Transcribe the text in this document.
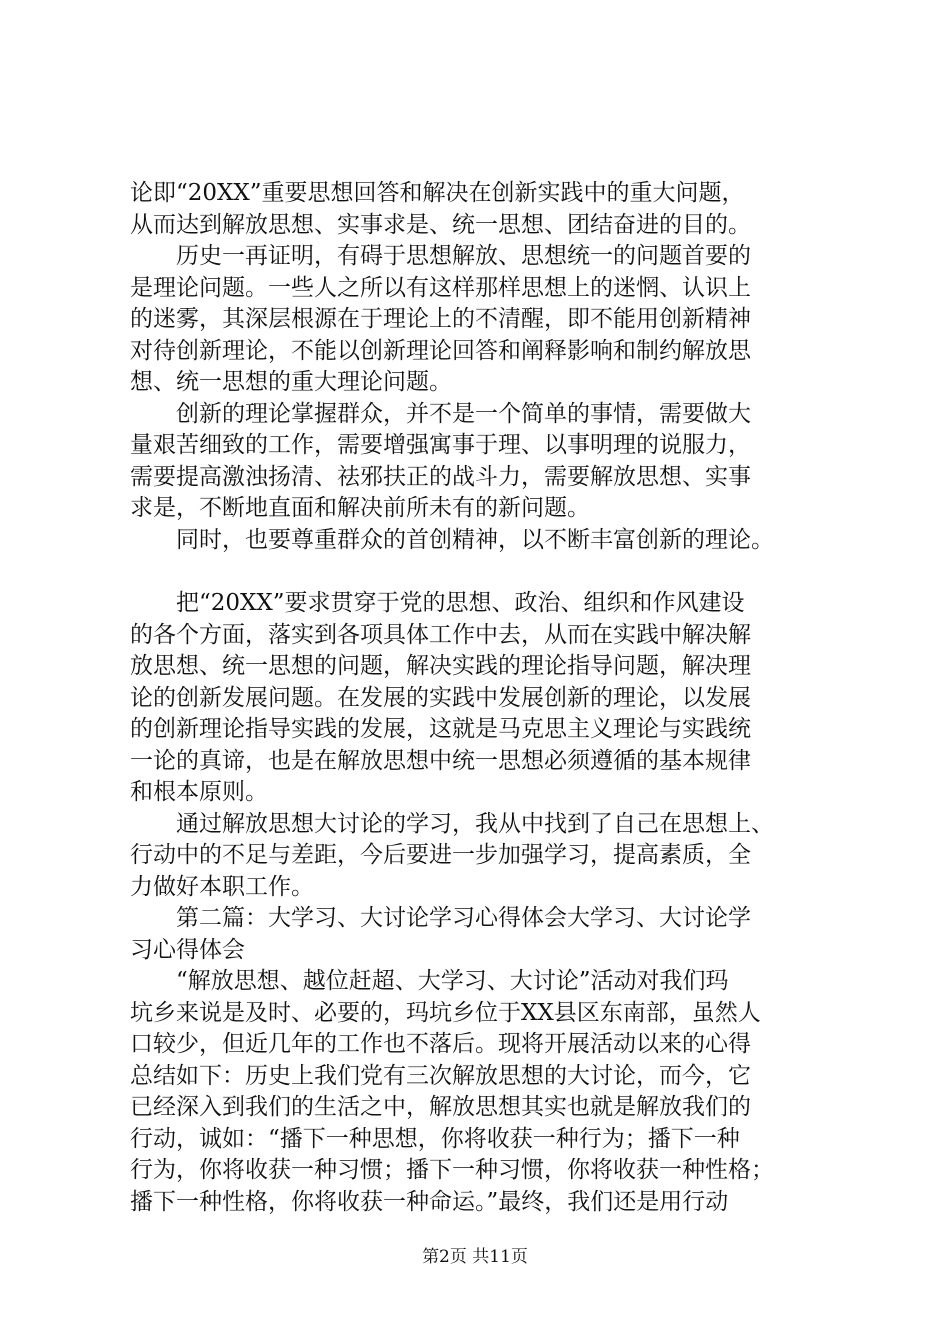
论即“20XX”重要思想回答和解决在创新实践中的重大问题，
从而达到解放思想、实事求是、统一思想、团结奋进的目的。
历史一再证明，有碍于思想解放、思想统一的问题首要的
是理论问题。一些人之所以有这样那样思想上的迷惘、认识上
的迷雾，其深层根源在于理论上的不清醒，即不能用创新精神
对待创新理论，不能以创新理论回答和阐释影响和制约解放思
想、统一思想的重大理论问题。
创新的理论掌握群众，并不是一个简单的事情，需要做大
量艰苦细致的工作，需要增强寓事于理、以事明理的说服力，
需要提高激浊扬清、祛邪扶正的战斗力，需要解放思想、实事
求是，不断地直面和解决前所未有的新问题。
同时，也要尊重群众的首创精神，以不断丰富创新的理论。
把“20XX”要求贯穿于党的思想、政治、组织和作风建设
的各个方面，落实到各项具体工作中去，从而在实践中解决解
放思想、统一思想的问题，解决实践的理论指导问题，解决理
论的创新发展问题。在发展的实践中发展创新的理论，以发展
的创新理论指导实践的发展，这就是马克思主义理论与实践统
一论的真谛，也是在解放思想中统一思想必须遵循的基本规律
和根本原则。
通过解放思想大讨论的学习，我从中找到了自己在思想上、
行动中的不足与差距，今后要进一步加强学习，提高素质，全
力做好本职工作。
第二篇：大学习、大讨论学习心得体会大学习、大讨论学
习心得体会
“解放思想、越位赶超、大学习、大讨论”活动对我们玛
坑乡来说是及时、必要的，玛坑乡位于XX县区东南部，虽然人
口较少，但近几年的工作也不落后。现将开展活动以来的心得
总结如下：历史上我们党有三次解放思想的大讨论，而今，它
已经深入到我们的生活之中，解放思想其实也就是解放我们的
行动，诚如：“播下一种思想，你将收获一种行为；播下一种
行为，你将收获一种习惯；播下一种习惯，你将收获一种性格；
播下一种性格，你将收获一种命运。”最终，我们还是用行动
第2页 共11页
